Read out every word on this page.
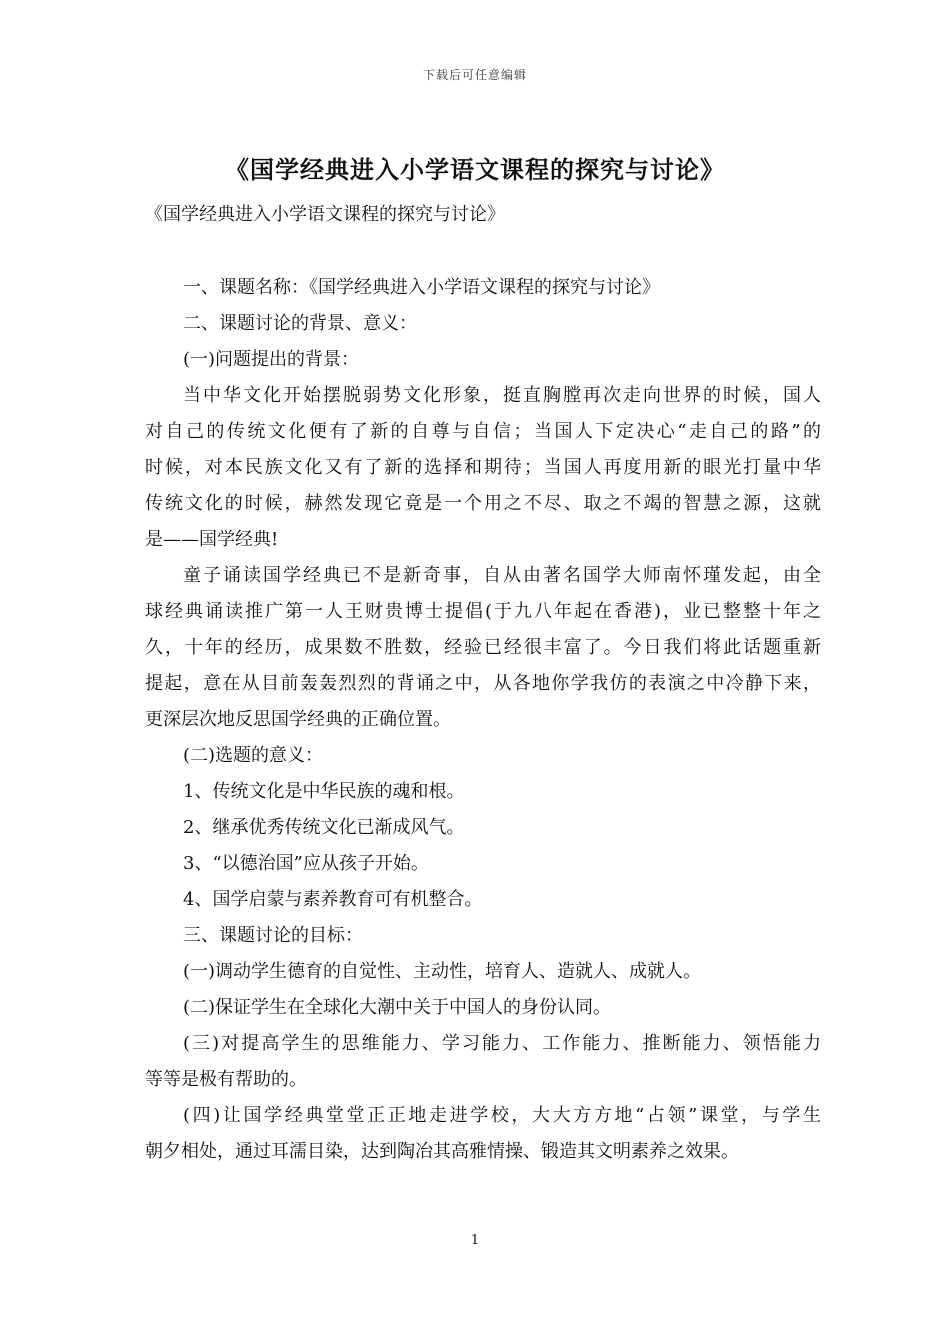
下载后可任意编辑
《国学经典进入小学语文课程的探究与讨论》

《国学经典进入小学语文课程的探究与讨论》

一、课题名称：《国学经典进入小学语文课程的探究与讨论》
二、课题讨论的背景、意义：
(一)问题提出的背景：
当中华文化开始摆脱弱势文化形象，挺直胸膛再次走向世界的时候，国人
对自己的传统文化便有了新的自尊与自信；当国人下定决心“走自己的路”的
时候，对本民族文化又有了新的选择和期待；当国人再度用新的眼光打量中华
传统文化的时候，赫然发现它竟是一个用之不尽、取之不竭的智慧之源，这就
是——国学经典!
童子诵读国学经典已不是新奇事，自从由著名国学大师南怀瑾发起，由全
球经典诵读推广第一人王财贵博士提倡(于九八年起在香港)，业已整整十年之
久，十年的经历，成果数不胜数，经验已经很丰富了。今日我们将此话题重新
提起，意在从目前轰轰烈烈的背诵之中，从各地你学我仿的表演之中冷静下来，
更深层次地反思国学经典的正确位置。
(二)选题的意义：
1、传统文化是中华民族的魂和根。
2、继承优秀传统文化已渐成风气。
3、“以德治国”应从孩子开始。
4、国学启蒙与素养教育可有机整合。
三、课题讨论的目标：
(一)调动学生德育的自觉性、主动性，培育人、造就人、成就人。
(二)保证学生在全球化大潮中关于中国人的身份认同。
(三)对提高学生的思维能力、学习能力、工作能力、推断能力、领悟能力
等等是极有帮助的。
(四)让国学经典堂堂正正地走进学校，大大方方地“占领”课堂，与学生
朝夕相处，通过耳濡目染，达到陶冶其高雅情操、锻造其文明素养之效果。
1
